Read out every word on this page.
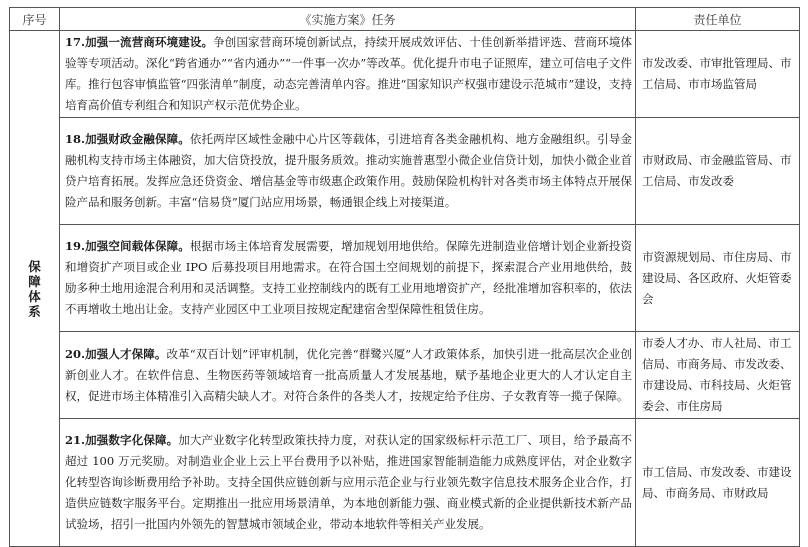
序号	《实施方案》任务	责任单位

保
障
体
系	17.加强一流营商环境建设。争创国家营商环境创新试点，持续开展成效评估、十佳创新举措评选、营商环境体验等专项活动。深化“跨省通办”“省内通办”“一件事一次办”等改革。优化提升市电子证照库，建立可信电子文件库。推行包容审慎监管“四张清单”制度，动态完善清单内容。推进“国家知识产权强市建设示范城市”建设，支持培育高价值专利组合和知识产权示范优势企业。	市发改委、市审批管理局、市工信局、市市场监管局
	18.加强财政金融保障。依托两岸区域性金融中心片区等载体，引进培育各类金融机构、地方金融组织。引导金融机构支持市场主体融资，加大信贷投放，提升服务质效。推动实施普惠型小微企业信贷计划，加快小微企业首贷户培育拓展。发挥应急还贷资金、增信基金等市级惠企政策作用。鼓励保险机构针对各类市场主体特点开展保险产品和服务创新。丰富“信易贷”厦门站应用场景，畅通银企线上对接渠道。	市财政局、市金融监管局、市工信局、市发改委
	19.加强空间载体保障。根据市场主体培育发展需要，增加规划用地供给。保障先进制造业倍增计划企业新投资和增资扩产项目或企业 IPO 后募投项目用地需求。在符合国土空间规划的前提下，探索混合产业用地供给，鼓励多种土地用途混合利用和灵活调整。支持工业控制线内的既有工业用地增资扩产，经批准增加容积率的，依法不再增收土地出让金。支持产业园区中工业项目按规定配建宿舍型保障性租赁住房。	市资源规划局、市住房局、市建设局、各区政府、火炬管委会
	20.加强人才保障。改革“双百计划”评审机制，优化完善“群鹭兴厦”人才政策体系，加快引进一批高层次企业创新创业人才。在软件信息、生物医药等领域培育一批高质量人才发展基地，赋予基地企业更大的人才认定自主权，促进市场主体精准引入高精尖缺人才。对符合条件的各类人才，按规定给予住房、子女教育等一揽子保障。	市委人才办、市人社局、市工信局、市商务局、市发改委、市建设局、市科技局、火炬管委会、市住房局
	21.加强数字化保障。加大产业数字化转型政策扶持力度，对获认定的国家级标杆示范工厂、项目，给予最高不超过 100 万元奖励。对制造业企业上云上平台费用予以补贴，推进国家智能制造能力成熟度评估，对企业数字化转型咨询诊断费用给予补助。支持全国供应链创新与应用示范企业与行业领先数字信息技术服务企业合作，打造供应链数字服务平台。定期推出一批应用场景清单，为本地创新能力强、商业模式新的企业提供新技术新产品试验场，招引一批国内外领先的智慧城市领域企业，带动本地软件等相关产业发展。	市工信局、市发改委、市建设局、市商务局、市财政局
